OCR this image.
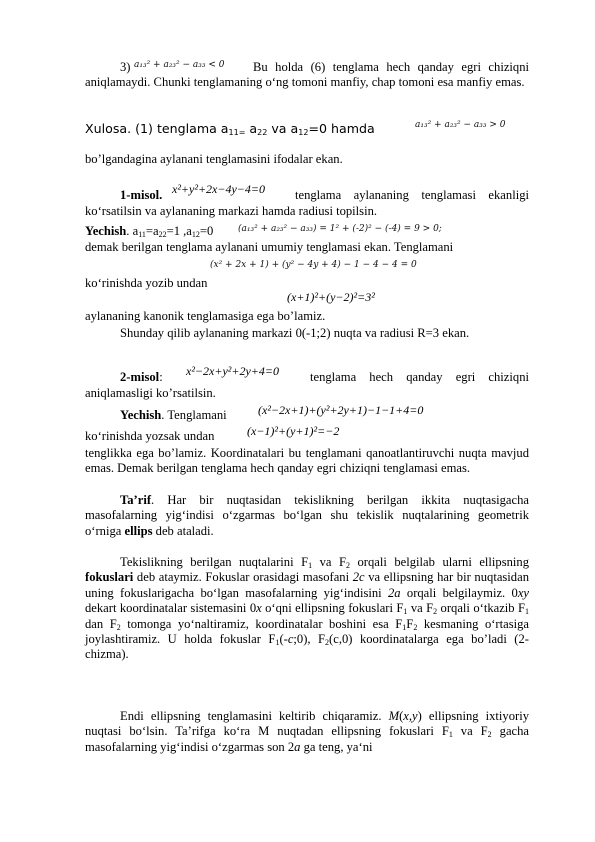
3) a₁₃² + a₂₃² − a₃₃ < 0	Bu holda (6) tenglama hech qanday egri chiziqni aniqlamaydi. Chunki tenglamaning o‘ng tomoni manfiy, chap tomoni esa manfiy emas.
Xulosa. (1) tenglama $a_{11=}$ $a_{22}$ va $a_{12}=0$ hamda	a₁₃² + a₂₃² − a₃₃ > 0
bo’lgandagina aylanani tenglamasini ifodalar ekan.
1-misol. x²+y²+2x−4y−4=0 tenglama aylananing tenglamasi ekanligi
ko‘rsatilsin va aylananing markazi hamda radiusi topilsin.
Yechish. $a_{11}=a_{22}=1$ $,a_{12}=0$	(a₁₃² + a₂₃² − a₃₃) = 1² + (-2)² − (-4) = 9 > 0;
demak berilgan tenglama aylanani umumiy tenglamasi ekan. Tenglamani
(x² + 2x + 1) + (y² − 4y + 4) − 1 − 4 − 4 = 0
ko‘rinishda yozib undan
(x+1)²+(y−2)²=3²
aylananing kanonik tenglamasiga ega bo’lamiz.
Shunday qilib aylananing markazi 0(-1;2) nuqta va radiusi R=3 ekan.
2-misol: x²−2x+y²+2y+4=0 tenglama hech qanday egri chiziqni
aniqlamasligi ko’rsatilsin.
Yechish. Tenglamani	(x²−2x+1)+(y²+2y+1)−1−1+4=0
ko‘rinishda yozsak undan	(x−1)²+(y+1)²=−2
tenglikka ega bo’lamiz. Koordinatalari bu tenglamani qanoatlantiruvchi nuqta mavjud emas. Demak berilgan tenglama hech qanday egri chiziqni tenglamasi emas.
Ta’rif. Har bir nuqtasidan tekislikning berilgan ikkita nuqtasigacha masofalarning yig‘indisi o‘zgarmas bo‘lgan shu tekislik nuqtalarining geometrik o‘rniga ellips deb ataladi.
Tekislikning berilgan nuqtalarini $F_1$ va $F_2$ orqali belgilab ularni ellipsning fokuslari deb ataymiz. Fokuslar orasidagi masofani 2c va ellipsning har bir nuqtasidan uning fokuslarigacha bo‘lgan masofalarning yig‘indisini 2a orqali belgilaymiz. 0xy dekart koordinatalar sistemasini 0x o‘qni ellipsning fokuslari $F_1$ va $F_2$ orqali o‘tkazib $F_1$ dan $F_2$ tomonga yo‘naltiramiz, koordinatalar boshini esa $F_1F_2$ kesmaning o‘rtasiga joylashtiramiz. U holda fokuslar $F_1(-c;0)$, $F_2(c,0)$ koordinatalarga ega bo’ladi (2-chizma).
Endi ellipsning tenglamasini keltirib chiqaramiz. M(x,y) ellipsning ixtiyoriy nuqtasi bo‘lsin. Ta’rifga ko‘ra M nuqtadan ellipsning fokuslari $F_1$ va $F_2$ gacha masofalarning yig‘indisi o‘zgarmas son 2a ga teng, ya‘ni
